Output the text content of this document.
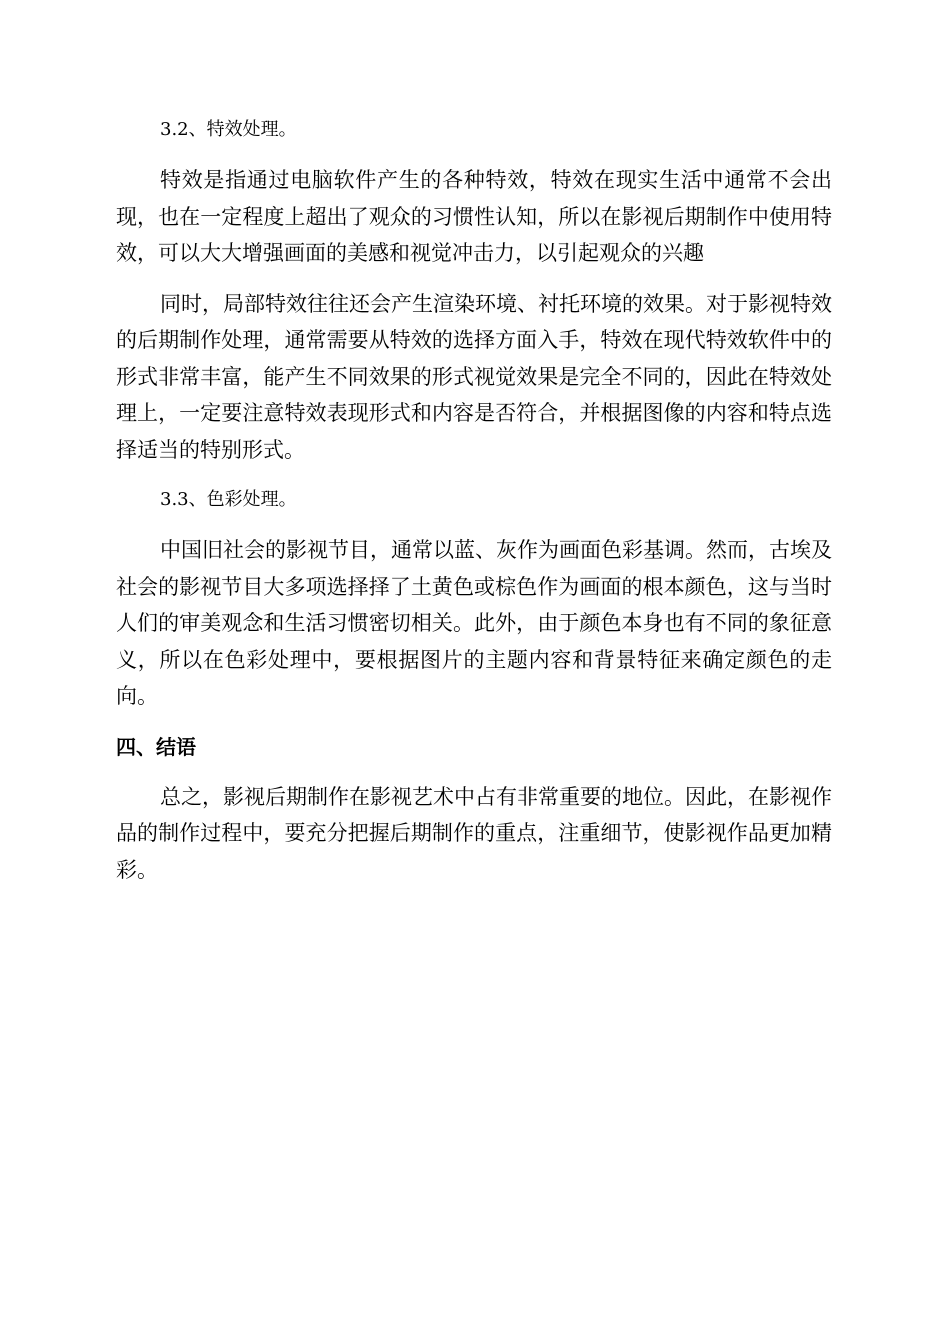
3.2、特效处理。

特效是指通过电脑软件产生的各种特效，特效在现实生活中通常不会出现，也在一定程度上超出了观众的习惯性认知，所以在影视后期制作中使用特效，可以大大增强画面的美感和视觉冲击力，以引起观众的兴趣

同时，局部特效往往还会产生渲染环境、衬托环境的效果。对于影视特效的后期制作处理，通常需要从特效的选择方面入手，特效在现代特效软件中的形式非常丰富，能产生不同效果的形式视觉效果是完全不同的，因此在特效处理上，一定要注意特效表现形式和内容是否符合，并根据图像的内容和特点选择适当的特别形式。

3.3、色彩处理。

中国旧社会的影视节目，通常以蓝、灰作为画面色彩基调。然而，古埃及社会的影视节目大多项选择择了土黄色或棕色作为画面的根本颜色，这与当时人们的审美观念和生活习惯密切相关。此外，由于颜色本身也有不同的象征意义，所以在色彩处理中，要根据图片的主题内容和背景特征来确定颜色的走向。

四、结语

总之，影视后期制作在影视艺术中占有非常重要的地位。因此，在影视作品的制作过程中，要充分把握后期制作的重点，注重细节，使影视作品更加精彩。
